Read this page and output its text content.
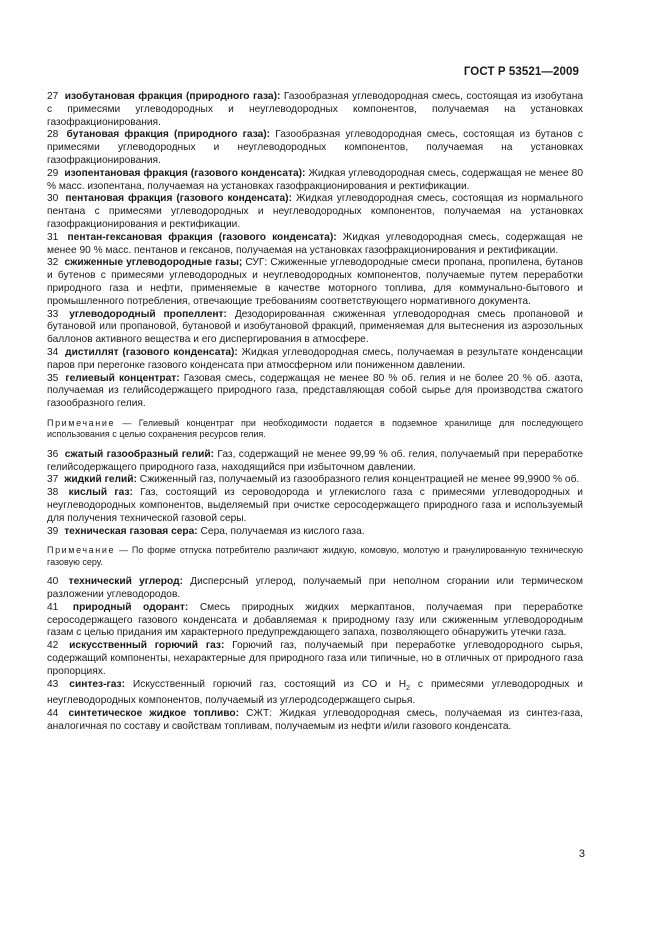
ГОСТ Р 53521—2009

27 изобутановая фракция (природного газа): Газообразная углеводородная смесь, состоящая из изобутана с примесями углеводородных и неуглеводородных компонентов, получаемая на установках газофракционирования.

28 бутановая фракция (природного газа): Газообразная углеводородная смесь, состоящая из бутанов с примесями углеводородных и неуглеводородных компонентов, получаемая на установках газофракционирования.

29 изопентановая фракция (газового конденсата): Жидкая углеводородная смесь, содержащая не менее 80 % масс. изопентана, получаемая на установках газофракционирования и ректификации.

30 пентановая фракция (газового конденсата): Жидкая углеводородная смесь, состоящая из нормального пентана с примесями углеводородных и неуглеводородных компонентов, получаемая на установках газофракционирования и ректификации.

31 пентан-гексановая фракция (газового конденсата): Жидкая углеводородная смесь, содержащая не менее 90 % масс. пентанов и гексанов, получаемая на установках газофракционирования и ректификации.

32 сжиженные углеводородные газы; СУГ: Сжиженные углеводородные смеси пропана, пропилена, бутанов и бутенов с примесями углеводородных и неуглеводородных компонентов, получаемые путем переработки природного газа и нефти, применяемые в качестве моторного топлива, для коммунально-бытового и промышленного потребления, отвечающие требованиям соответствующего нормативного документа.

33 углеводородный пропеллент: Дезодорированная сжиженная углеводородная смесь пропановой и бутановой или пропановой, бутановой и изобутановой фракций, применяемая для вытеснения из аэрозольных баллонов активного вещества и его диспергирования в атмосфере.

34 дистиллят (газового конденсата): Жидкая углеводородная смесь, получаемая в результате конденсации паров при перегонке газового конденсата при атмосферном или пониженном давлении.

35 гелиевый концентрат: Газовая смесь, содержащая не менее 80 % об. гелия и не более 20 % об. азота, получаемая из гелийсодержащего природного газа, представляющая собой сырье для производства сжатого газообразного гелия.

Примечание — Гелиевый концентрат при необходимости подается в подземное хранилище для последующего использования с целью сохранения ресурсов гелия.

36 сжатый газообразный гелий: Газ, содержащий не менее 99,99 % об. гелия, получаемый при переработке гелийсодержащего природного газа, находящийся при избыточном давлении.

37 жидкий гелий: Сжиженный газ, получаемый из газообразного гелия концентрацией не менее 99,9900 % об.

38 кислый газ: Газ, состоящий из сероводорода и углекислого газа с примесями углеводородных и неуглеводородных компонентов, выделяемый при очистке серосодержащего природного газа и используемый для получения технической газовой серы.

39 техническая газовая сера: Сера, получаемая из кислого газа.

Примечание — По форме отпуска потребителю различают жидкую, комовую, молотую и гранулированную техническую газовую серу.

40 технический углерод: Дисперсный углерод, получаемый при неполном сгорании или термическом разложении углеводородов.

41 природный одорант: Смесь природных жидких меркаптанов, получаемая при переработке серосодержащего газового конденсата и добавляемая к природному газу или сжиженным углеводородным газам с целью придания им характерного предупреждающего запаха, позволяющего обнаружить утечки газа.

42 искусственный горючий газ: Горючий газ, получаемый при переработке углеводородного сырья, содержащий компоненты, нехарактерные для природного газа или типичные, но в отличных от природного газа пропорциях.

43 синтез-газ: Искусственный горючий газ, состоящий из CO и $H_2$ с примесями углеводородных и неуглеводородных компонентов, получаемый из углеродсодержащего сырья.

44 синтетическое жидкое топливо: СЖТ: Жидкая углеводородная смесь, получаемая из синтез-газа, аналогичная по составу и свойствам топливам, получаемым из нефти и/или газового конденсата.

3
